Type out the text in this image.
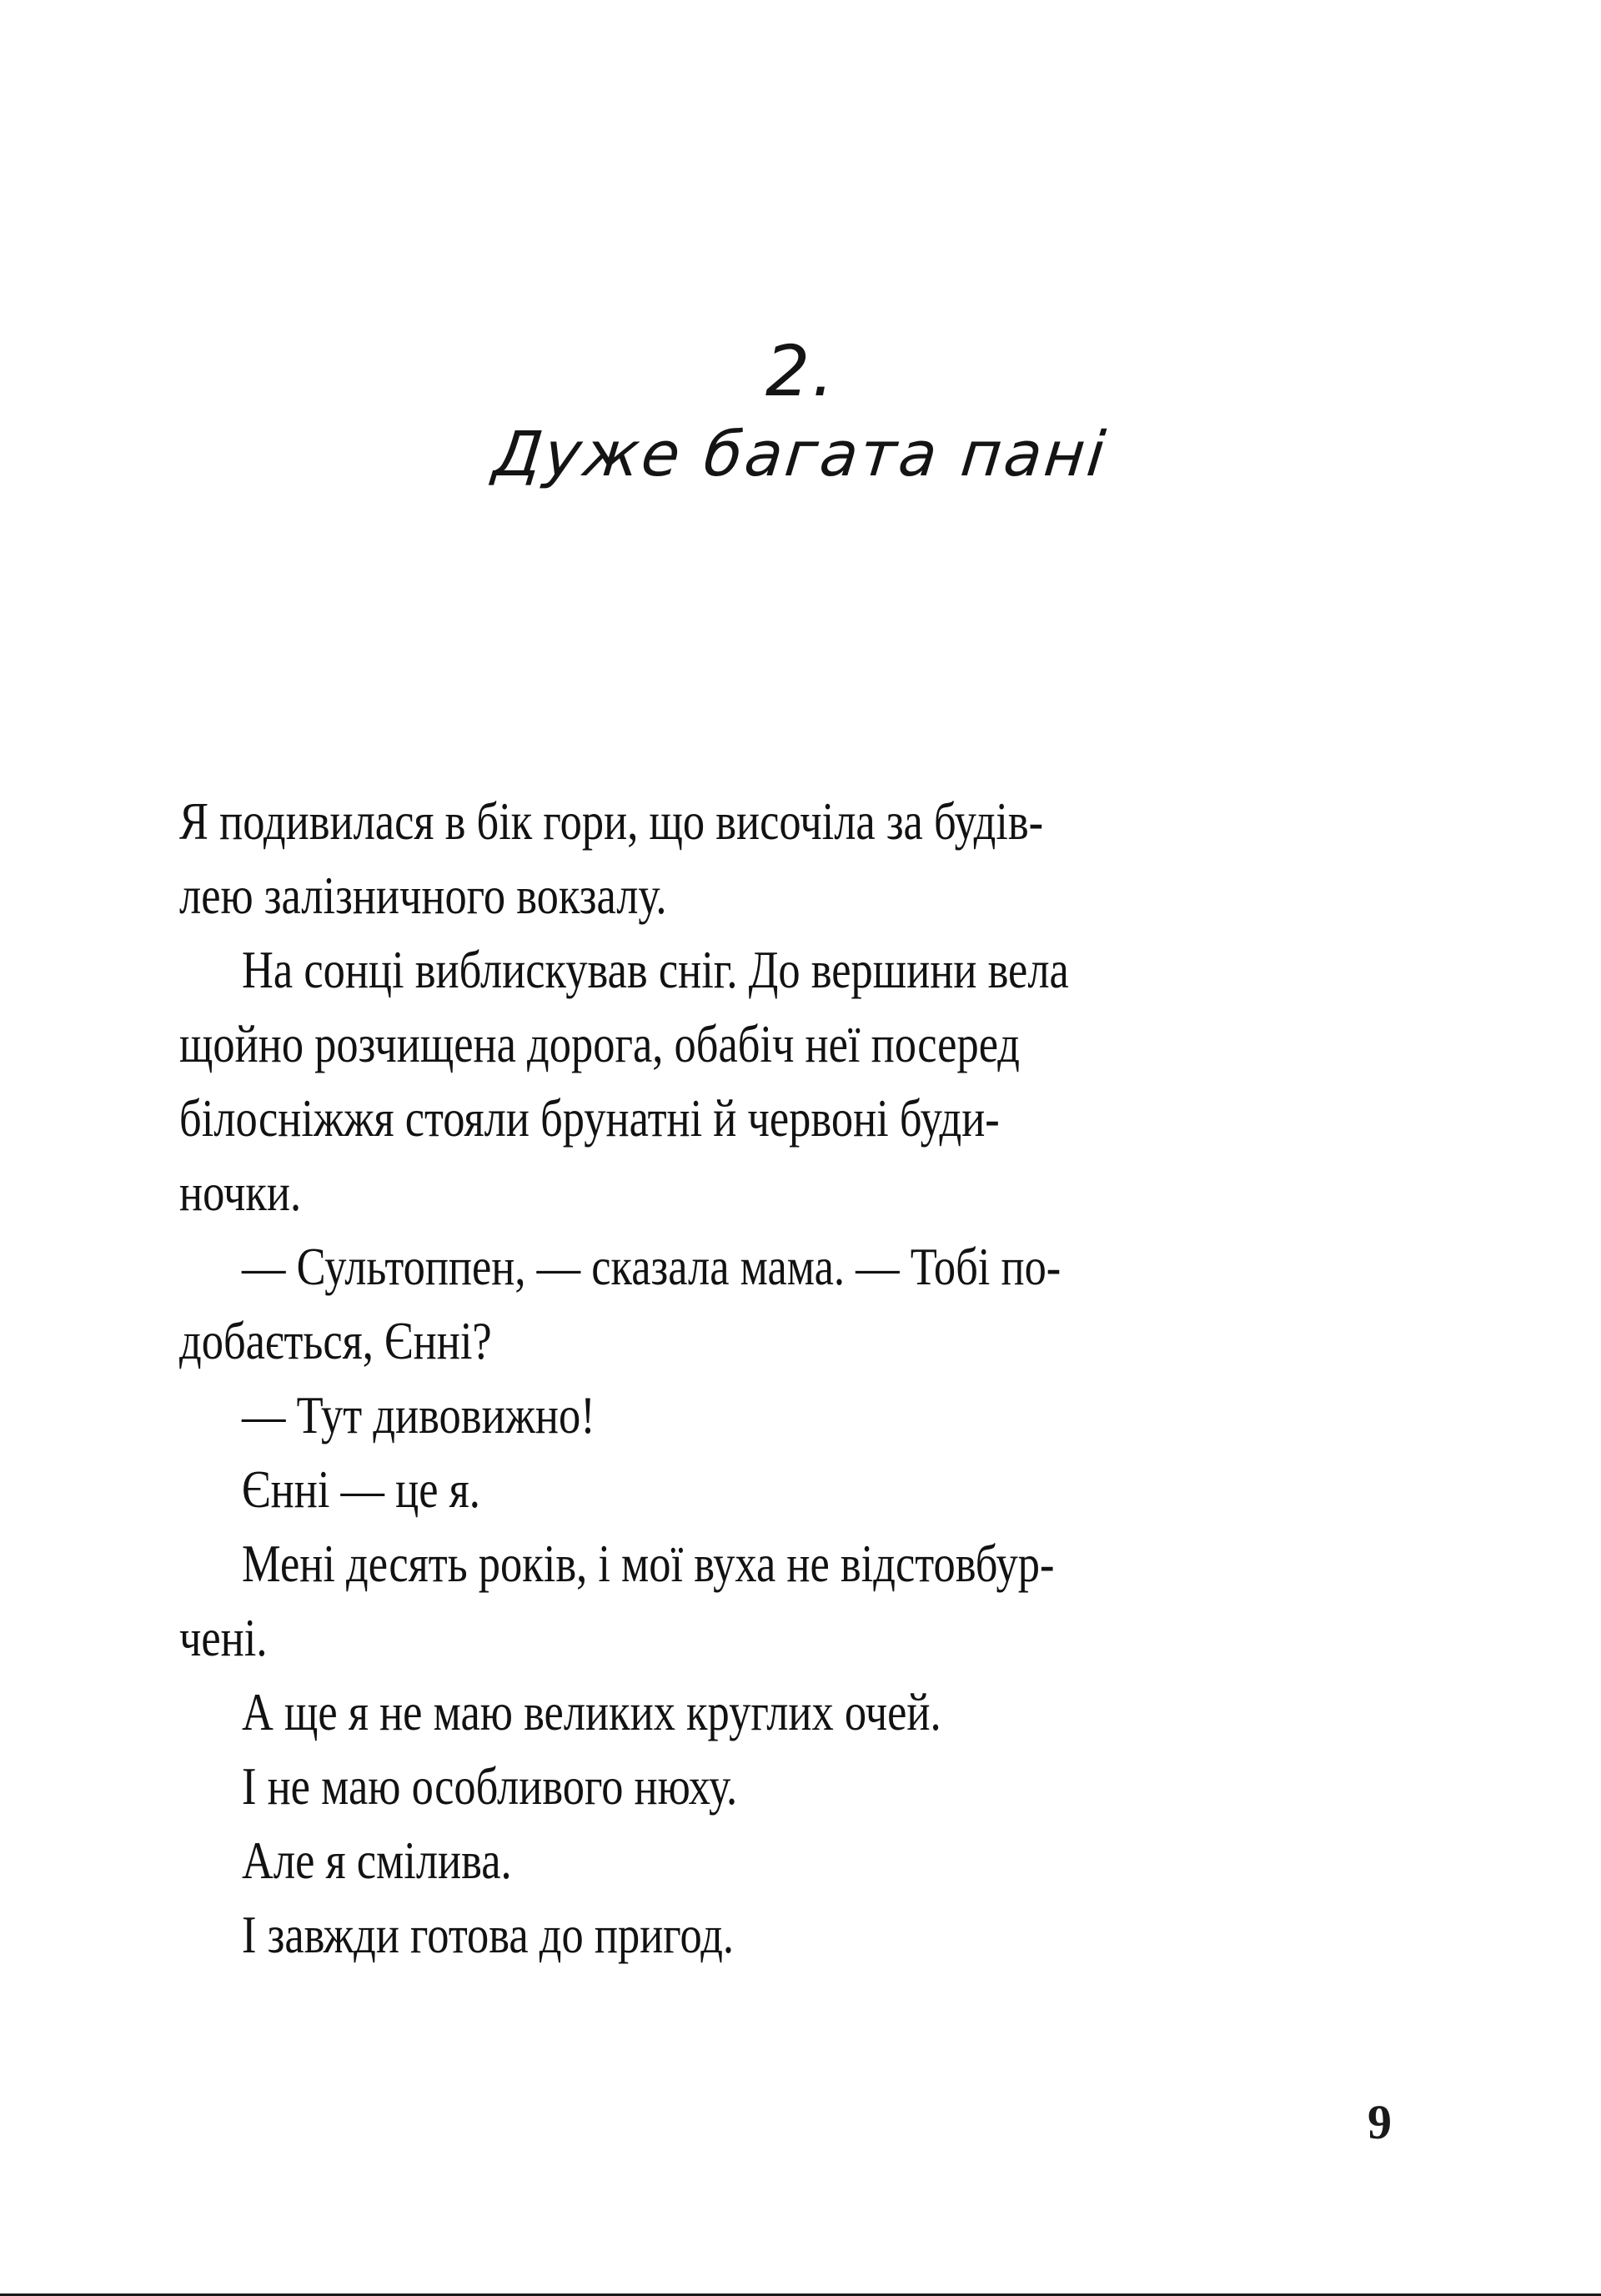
2.
Дуже багата пані
Я подивилася в бік гори, що височіла за будів-
лею залізничного вокзалу.
На сонці виблискував сніг. До вершини вела
щойно розчищена дорога, обабіч неї посеред
білосніжжя стояли брунатні й червоні буди-
ночки.
— Сультоппен, — сказала мама. — Тобі по-
добається, Єнні?
— Тут дивовижно!
Єнні — це я.
Мені десять років, і мої вуха не відстовбур-
чені.
А ще я не маю великих круглих очей.
І не маю особливого нюху.
Але я смілива.
І завжди готова до пригод.
9
